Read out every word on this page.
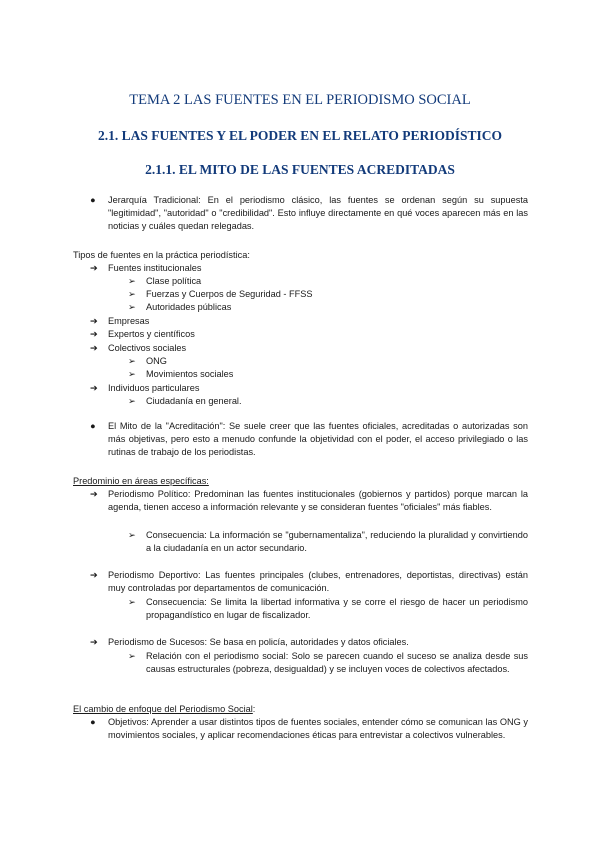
TEMA 2 LAS FUENTES EN EL PERIODISMO SOCIAL
2.1. LAS FUENTES Y EL PODER EN EL RELATO PERIODÍSTICO
2.1.1. EL MITO DE LAS FUENTES ACREDITADAS
● Jerarquía Tradicional: En el periodismo clásico, las fuentes se ordenan según su supuesta "legitimidad", "autoridad" o "credibilidad". Esto influye directamente en qué voces aparecen más en las noticias y cuáles quedan relegadas.
Tipos de fuentes en la práctica periodística:
➔ Fuentes institucionales
➢ Clase política
➢ Fuerzas y Cuerpos de Seguridad - FFSS
➢ Autoridades públicas
➔ Empresas
➔ Expertos y científicos
➔ Colectivos sociales
➢ ONG
➢ Movimientos sociales
➔ Individuos particulares
➢ Ciudadanía en general.
● El Mito de la "Acreditación": Se suele creer que las fuentes oficiales, acreditadas o autorizadas son más objetivas, pero esto a menudo confunde la objetividad con el poder, el acceso privilegiado o las rutinas de trabajo de los periodistas.
Predominio en áreas específicas:
➔ Periodismo Político: Predominan las fuentes institucionales (gobiernos y partidos) porque marcan la agenda, tienen acceso a información relevante y se consideran fuentes "oficiales" más fiables.
➢ Consecuencia: La información se "gubernamentaliza", reduciendo la pluralidad y convirtiendo a la ciudadanía en un actor secundario.
➔ Periodismo Deportivo: Las fuentes principales (clubes, entrenadores, deportistas, directivas) están muy controladas por departamentos de comunicación.
➢ Consecuencia: Se limita la libertad informativa y se corre el riesgo de hacer un periodismo propagandístico en lugar de fiscalizador.
➔ Periodismo de Sucesos: Se basa en policía, autoridades y datos oficiales.
➢ Relación con el periodismo social: Solo se parecen cuando el suceso se analiza desde sus causas estructurales (pobreza, desigualdad) y se incluyen voces de colectivos afectados.
El cambio de enfoque del Periodismo Social:
● Objetivos: Aprender a usar distintos tipos de fuentes sociales, entender cómo se comunican las ONG y movimientos sociales, y aplicar recomendaciones éticas para entrevistar a colectivos vulnerables.
